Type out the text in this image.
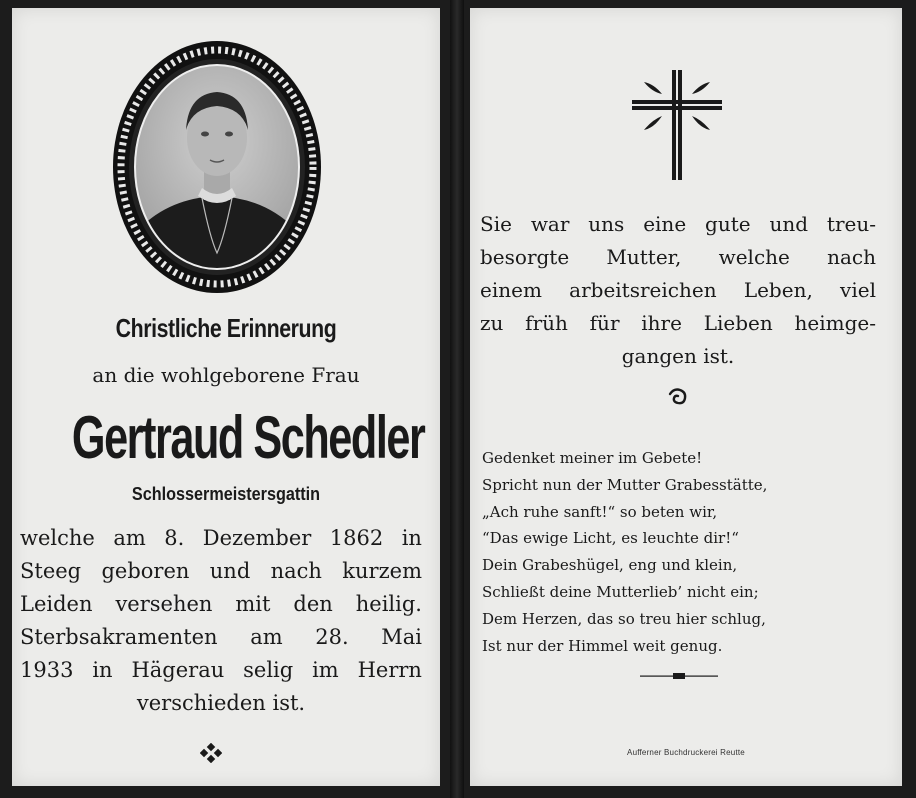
Christliche Erinnerung
an die wohlgeborene Frau
Gertraud Schedler
Schlossermeistersgattin
welche am 8. Dezember 1862 in
Steeg geboren und nach kurzem
Leiden versehen mit den heilig.
Sterbsakramenten am 28. Mai
1933 in Hägerau selig im Herrn
verschieden ist.
Sie war uns eine gute und treu-
besorgte Mutter, welche nach
einem arbeitsreichen Leben, viel
zu früh für ihre Lieben heimge-
gangen ist.
Gedenket meiner im Gebete!
Spricht nun der Mutter Grabesstätte,
„Ach ruhe sanft!“ so beten wir,
“Das ewige Licht, es leuchte dir!“
Dein Grabeshügel, eng und klein,
Schließt deine Mutterlieb’ nicht ein;
Dem Herzen, das so treu hier schlug,
Ist nur der Himmel weit genug.
Aufferner Buchdruckerei Reutte
